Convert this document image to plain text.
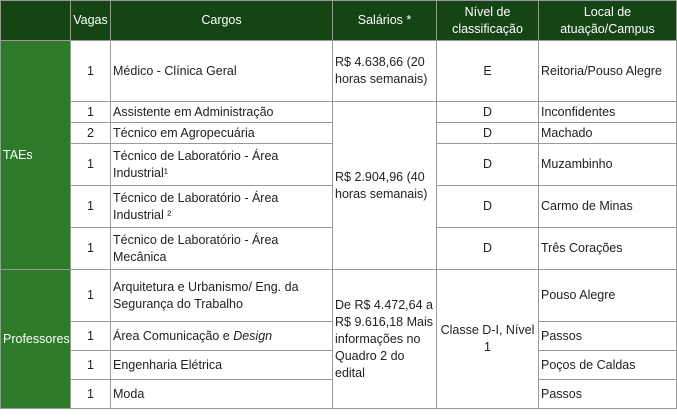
	Vagas	Cargos	Salários *	Nível de classificação	Local de atuação/Campus
TAEs	1	Médico - Clínica Geral	R$ 4.638,66 (20 horas semanais)	E	Reitoria/Pouso Alegre
	1	Assistente em Administração	R$ 2.904,96 (40 horas semanais)	D	Inconfidentes
	2	Técnico em Agropecuária		D	Machado
	1	Técnico de Laboratório - Área Industrial¹		D	Muzambinho
	1	Técnico de Laboratório - Área Industrial ²		D	Carmo de Minas
	1	Técnico de Laboratório - Área Mecânica		D	Três Corações
Professores	1	Arquitetura e Urbanismo/ Eng. da Segurança do Trabalho	De R$ 4.472,64 a R$ 9.616,18 Mais informações no Quadro 2 do edital	Classe D-I, Nível 1	Pouso Alegre
	1	Área Comunicação e Design			Passos
	1	Engenharia Elétrica			Poços de Caldas
	1	Moda			Passos
